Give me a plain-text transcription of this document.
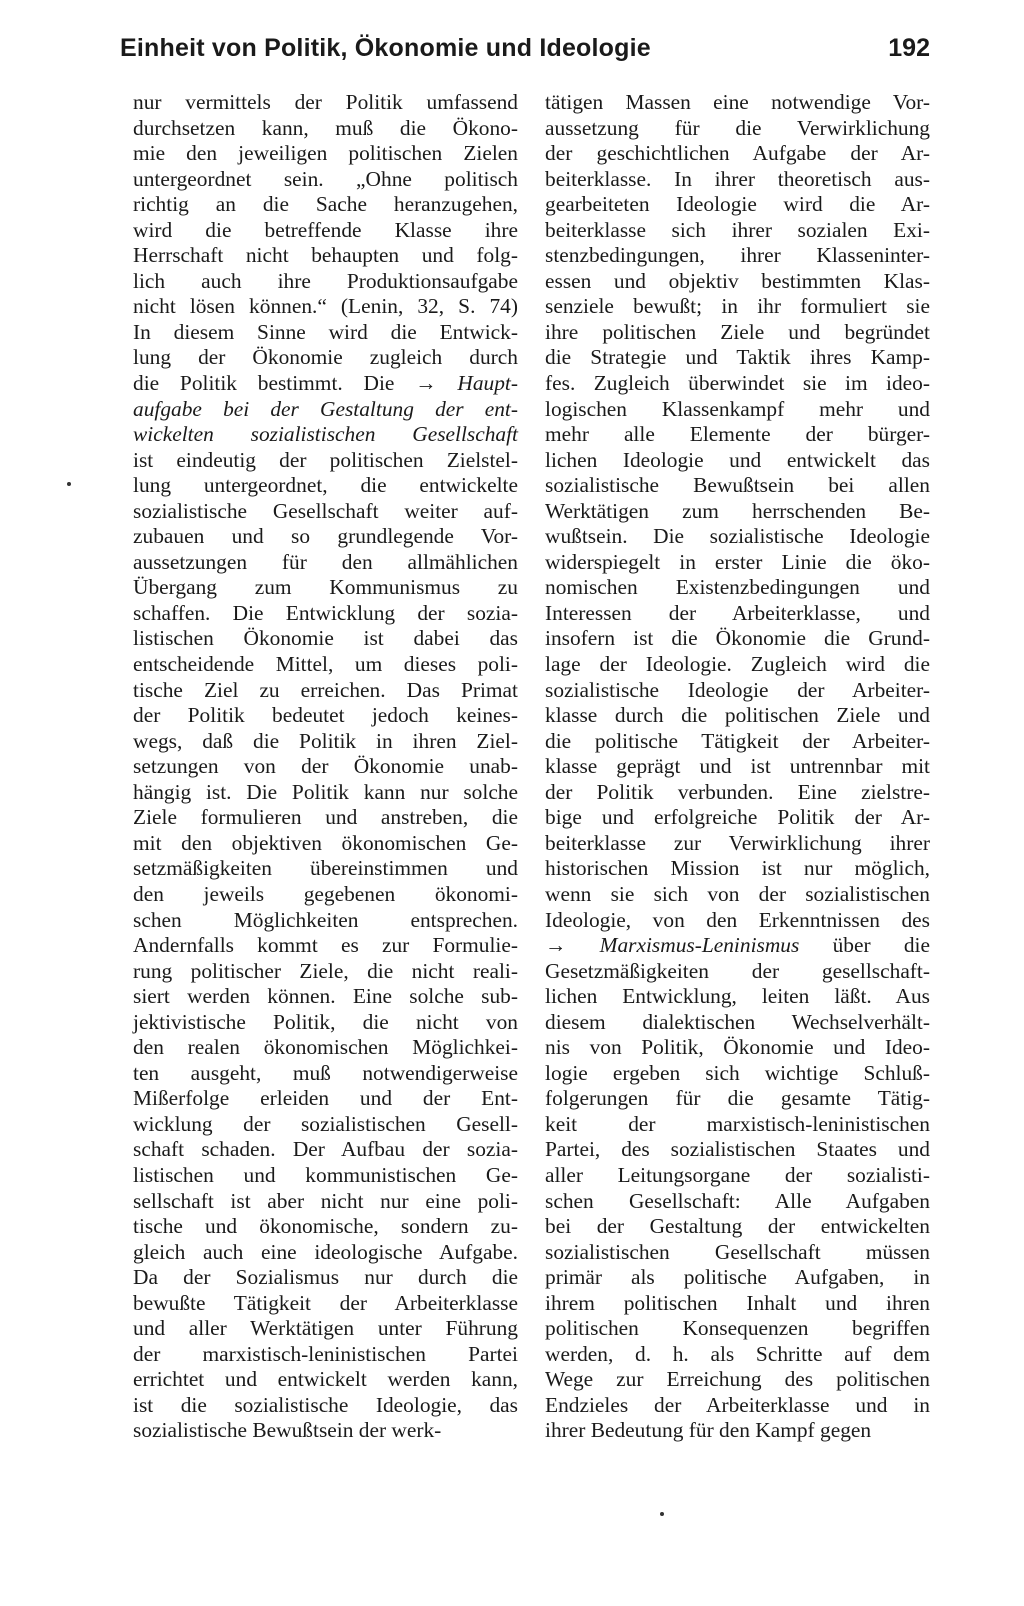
Einheit von Politik, Ökonomie und Ideologie	192
nur vermittels der Politik umfassend
durchsetzen kann, muß die Ökono-
mie den jeweiligen politischen Zielen
untergeordnet sein. „Ohne politisch
richtig an die Sache heranzugehen,
wird die betreffende Klasse ihre
Herrschaft nicht behaupten und folg-
lich auch ihre Produktionsaufgabe
nicht lösen können.“ (Lenin, 32, S. 74)
In diesem Sinne wird die Entwick-
lung der Ökonomie zugleich durch
die Politik bestimmt. Die → Haupt-
aufgabe bei der Gestaltung der ent-
wickelten sozialistischen Gesellschaft
ist eindeutig der politischen Zielstel-
lung untergeordnet, die entwickelte
sozialistische Gesellschaft weiter auf-
zubauen und so grundlegende Vor-
aussetzungen für den allmählichen
Übergang zum Kommunismus zu
schaffen. Die Entwicklung der sozia-
listischen Ökonomie ist dabei das
entscheidende Mittel, um dieses poli-
tische Ziel zu erreichen. Das Primat
der Politik bedeutet jedoch keines-
wegs, daß die Politik in ihren Ziel-
setzungen von der Ökonomie unab-
hängig ist. Die Politik kann nur solche
Ziele formulieren und anstreben, die
mit den objektiven ökonomischen Ge-
setzmäßigkeiten übereinstimmen und
den jeweils gegebenen ökonomi-
schen Möglichkeiten entsprechen.
Andernfalls kommt es zur Formulie-
rung politischer Ziele, die nicht reali-
siert werden können. Eine solche sub-
jektivistische Politik, die nicht von
den realen ökonomischen Möglichkei-
ten ausgeht, muß notwendigerweise
Mißerfolge erleiden und der Ent-
wicklung der sozialistischen Gesell-
schaft schaden. Der Aufbau der sozia-
listischen und kommunistischen Ge-
sellschaft ist aber nicht nur eine poli-
tische und ökonomische, sondern zu-
gleich auch eine ideologische Aufgabe.
Da der Sozialismus nur durch die
bewußte Tätigkeit der Arbeiterklasse
und aller Werktätigen unter Führung
der marxistisch-leninistischen Partei
errichtet und entwickelt werden kann,
ist die sozialistische Ideologie, das
sozialistische Bewußtsein der werk-
tätigen Massen eine notwendige Vor-
aussetzung für die Verwirklichung
der geschichtlichen Aufgabe der Ar-
beiterklasse. In ihrer theoretisch aus-
gearbeiteten Ideologie wird die Ar-
beiterklasse sich ihrer sozialen Exi-
stenzbedingungen, ihrer Klasseninter-
essen und objektiv bestimmten Klas-
senziele bewußt; in ihr formuliert sie
ihre politischen Ziele und begründet
die Strategie und Taktik ihres Kamp-
fes. Zugleich überwindet sie im ideo-
logischen Klassenkampf mehr und
mehr alle Elemente der bürger-
lichen Ideologie und entwickelt das
sozialistische Bewußtsein bei allen
Werktätigen zum herrschenden Be-
wußtsein. Die sozialistische Ideologie
widerspiegelt in erster Linie die öko-
nomischen Existenzbedingungen und
Interessen der Arbeiterklasse, und
insofern ist die Ökonomie die Grund-
lage der Ideologie. Zugleich wird die
sozialistische Ideologie der Arbeiter-
klasse durch die politischen Ziele und
die politische Tätigkeit der Arbeiter-
klasse geprägt und ist untrennbar mit
der Politik verbunden. Eine zielstre-
bige und erfolgreiche Politik der Ar-
beiterklasse zur Verwirklichung ihrer
historischen Mission ist nur möglich,
wenn sie sich von der sozialistischen
Ideologie, von den Erkenntnissen des
→ Marxismus-Leninismus über die
Gesetzmäßigkeiten der gesellschaft-
lichen Entwicklung, leiten läßt. Aus
diesem dialektischen Wechselverhält-
nis von Politik, Ökonomie und Ideo-
logie ergeben sich wichtige Schluß-
folgerungen für die gesamte Tätig-
keit der marxistisch-leninistischen
Partei, des sozialistischen Staates und
aller Leitungsorgane der sozialisti-
schen Gesellschaft: Alle Aufgaben
bei der Gestaltung der entwickelten
sozialistischen Gesellschaft müssen
primär als politische Aufgaben, in
ihrem politischen Inhalt und ihren
politischen Konsequenzen begriffen
werden, d. h. als Schritte auf dem
Wege zur Erreichung des politischen
Endzieles der Arbeiterklasse und in
ihrer Bedeutung für den Kampf gegen
